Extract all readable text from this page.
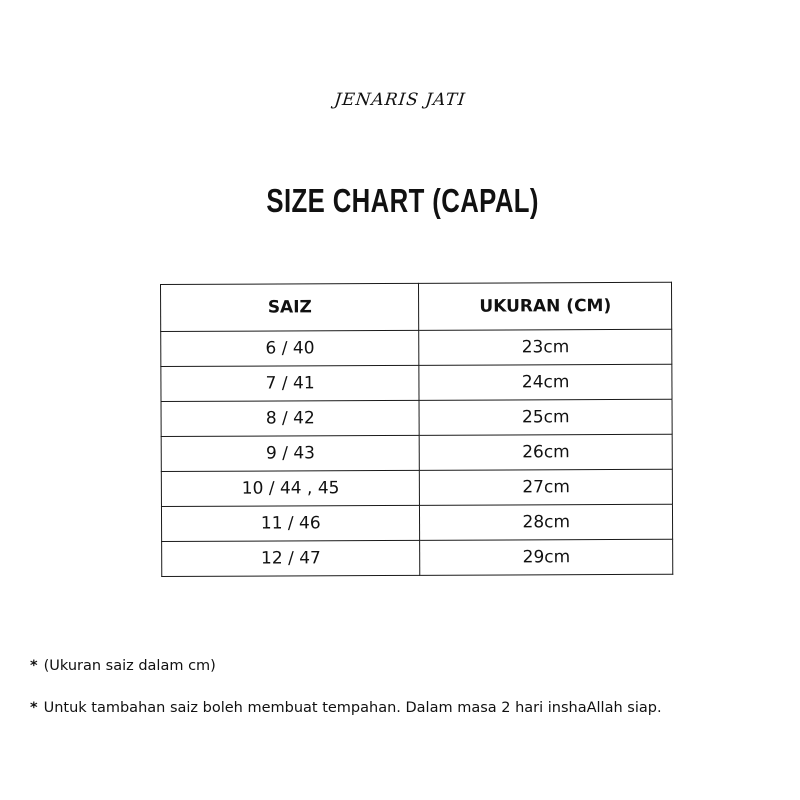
JENARIS JATI
SIZE CHART (CAPAL)
SAIZ	UKURAN (CM)
6 / 40	23cm
7 / 41	24cm
8 / 42	25cm
9 / 43	26cm
10 / 44 , 45	27cm
11 / 46	28cm
12 / 47	29cm

* (Ukuran saiz dalam cm)

* Untuk tambahan saiz boleh membuat tempahan. Dalam masa 2 hari inshaAllah siap.
